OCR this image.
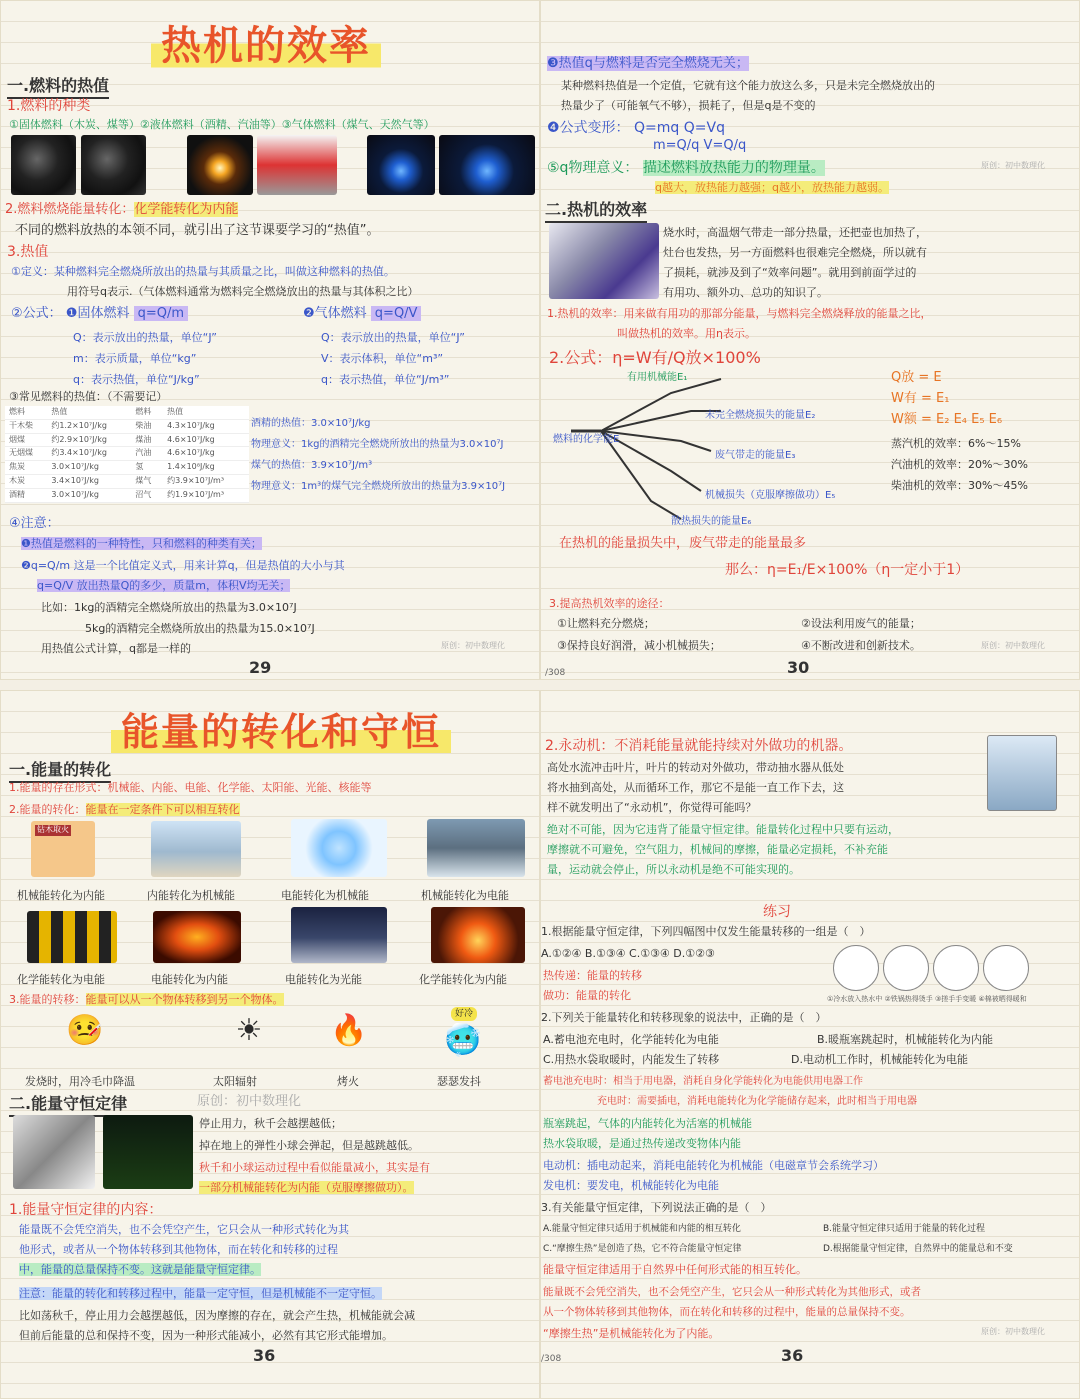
热机的效率
一.燃料的热值
1.燃料的种类
①固体燃料（木炭、煤等）②液体燃料（酒精、汽油等）③气体燃料（煤气、天然气等）
2.燃料燃烧能量转化：化学能转化为内能
不同的燃料放热的本领不同，就引出了这节课要学习的“热值”。
3.热值
①定义：某种燃料完全燃烧所放出的热量与其质量之比，叫做这种燃料的热值。
用符号q表示.（气体燃料通常为燃料完全燃烧放出的热量与其体积之比）
②公式： ❶固体燃料 q=Q/m	❷气体燃料 q=Q/V
Q：表示放出的热量，单位“J”
m：表示质量，单位“kg”
q：表示热值，单位“J/kg”
Q：表示放出的热量，单位“J”
V：表示体积，单位“m³”
q：表示热值，单位“J/m³”
③常见燃料的热值：（不需要记）
燃料	热值	燃料	热值
干木柴	约1.2×10⁷J/kg	柴油	4.3×10⁷J/kg
烟煤	约2.9×10⁷J/kg	煤油	4.6×10⁷J/kg
无烟煤	约3.4×10⁷J/kg	汽油	4.6×10⁷J/kg
焦炭	3.0×10⁷J/kg	氢	1.4×10⁸J/kg
木炭	3.4×10⁷J/kg	煤气	约3.9×10⁷J/m³
酒精	3.0×10⁷J/kg	沼气	约1.9×10⁷J/m³
酒精的热值：3.0×10⁷J/kg
物理意义：1kg的酒精完全燃烧所放出的热量为3.0×10⁷J
煤气的热值：3.9×10⁷J/m³
物理意义：1m³的煤气完全燃烧所放出的热量为3.9×10⁷J
④注意：
❶热值是燃料的一种特性，只和燃料的种类有关；
❷q=Q/m 这是一个比值定义式，用来计算q，但是热值的大小与其
q=Q/V 放出热量Q的多少，质量m，体积V均无关；
比如：1kg的酒精完全燃烧所放出的热量为3.0×10⁷J
5kg的酒精完全燃烧所放出的热量为15.0×10⁷J
用热值公式计算，q都是一样的	原创：初中数理化
29
❸热值q与燃料是否完全燃烧无关；
某种燃料热值是一个定值，它就有这个能力放这么多，只是未完全燃烧放出的
热量少了（可能氧气不够），损耗了，但是q是不变的
❹公式变形： Q=mq Q=Vq
m=Q/q V=Q/q
⑤q物理意义： 描述燃料放热能力的物理量。
q越大，放热能力越强；q越小，放热能力越弱。
原创：初中数理化
二.热机的效率
烧水时，高温烟气带走一部分热量，还把壶也加热了，
灶台也发热，另一方面燃料也很难完全燃烧，所以就有
了损耗，就涉及到了“效率问题”。就用到前面学过的
有用功、额外功、总功的知识了。
1.热机的效率：用来做有用功的那部分能量，与燃料完全燃烧释放的能量之比，
叫做热机的效率。用η表示。
2.公式：η=W有/Q放×100%
有用机械能E₁
未完全燃烧损失的能量E₂
燃料的化学能E
废气带走的能量E₃
机械损失（克服摩擦做功）E₅
散热损失的能量E₆
Q放 = E
W有 = E₁
W额 = E₂ E₄ E₅ E₆
蒸汽机的效率：6%～15%
汽油机的效率：20%～30%
柴油机的效率：30%～45%
在热机的能量损失中，废气带走的能量最多
那么：η=E₁/E×100%（η一定小于1）
3.提高热机效率的途径：
①让燃料充分燃烧；	②设法利用废气的能量；
③保持良好润滑，减小机械损失；	④不断改进和创新技术。	原创：初中数理化
/308	30
能量的转化和守恒
一.能量的转化
1.能量的存在形式：机械能、内能、电能、化学能、太阳能、光能、核能等
2.能量的转化：能量在一定条件下可以相互转化
钻木取火
机械能转化为内能	内能转化为机械能	电能转化为机械能	机械能转化为电能
化学能转化为电能	电能转化为内能	电能转化为光能	化学能转化为内能
3.能量的转移：能量可以从一个物体转移到另一个物体。
🤒	☀	🔥	好冷
🥶
发烧时，用冷毛巾降温	太阳辐射	烤火	瑟瑟发抖
二.能量守恒定律	原创：初中数理化
停止用力，秋千会越摆越低；
掉在地上的弹性小球会弹起，但是越跳越低。
秋千和小球运动过程中看似能量减小，其实是有
一部分机械能转化为内能（克服摩擦做功）。
1.能量守恒定律的内容：
能量既不会凭空消失，也不会凭空产生，它只会从一种形式转化为其
他形式，或者从一个物体转移到其他物体，而在转化和转移的过程
中，能量的总量保持不变。这就是能量守恒定律。
注意：能量的转化和转移过程中，能量一定守恒，但是机械能不一定守恒。
比如荡秋千，停止用力会越摆越低，因为摩擦的存在，就会产生热，机械能就会减
但前后能量的总和保持不变，因为一种形式能减小，必然有其它形式能增加。
36
2.永动机：不消耗能量就能持续对外做功的机器。
高处水流冲击叶片，叶片的转动对外做功，带动抽水器从低处
将水抽到高处，从而循环工作，那它不是能一直工作下去，这
样不就发明出了“永动机”，你觉得可能吗？
绝对不可能，因为它违背了能量守恒定律。能量转化过程中只要有运动，
摩擦就不可避免，空气阻力，机械间的摩擦，能量必定损耗，不补充能
量，运动就会停止，所以永动机是绝不可能实现的。
练习
1.根据能量守恒定律，下列四幅图中仅发生能量转移的一组是（　）
A.①②④ B.①③④ C.①③④ D.①②③
热传递：能量的转移
做功：能量的转化	①冷水放入热水中 ②铁锅热得烫手 ③搓手手变暖 ④棉被晒得暖和
2.下列关于能量转化和转移现象的说法中，正确的是（　）
A.蓄电池充电时，化学能转化为电能	B.暖瓶塞跳起时，机械能转化为内能
C.用热水袋取暖时，内能发生了转移	D.电动机工作时，机械能转化为电能
蓄电池充电时：相当于用电器，消耗自身化学能转化为电能供用电器工作
充电时：需要插电，消耗电能转化为化学能储存起来，此时相当于用电器
瓶塞跳起，气体的内能转化为活塞的机械能
热水袋取暖，是通过热传递改变物体内能
电动机：插电动起来，消耗电能转化为机械能（电磁章节会系统学习）
发电机：要发电，机械能转化为电能
3.有关能量守恒定律，下列说法正确的是（　）
A.能量守恒定律只适用于机械能和内能的相互转化	B.能量守恒定律只适用于能量的转化过程
C.“摩擦生热”是创造了热，它不符合能量守恒定律	D.根据能量守恒定律，自然界中的能量总和不变
能量守恒定律适用于自然界中任何形式能的相互转化。
能量既不会凭空消失，也不会凭空产生，它只会从一种形式转化为其他形式，或者
从一个物体转移到其他物体，而在转化和转移的过程中，能量的总量保持不变。
“摩擦生热”是机械能转化为了内能。	原创：初中数理化
/308	36
